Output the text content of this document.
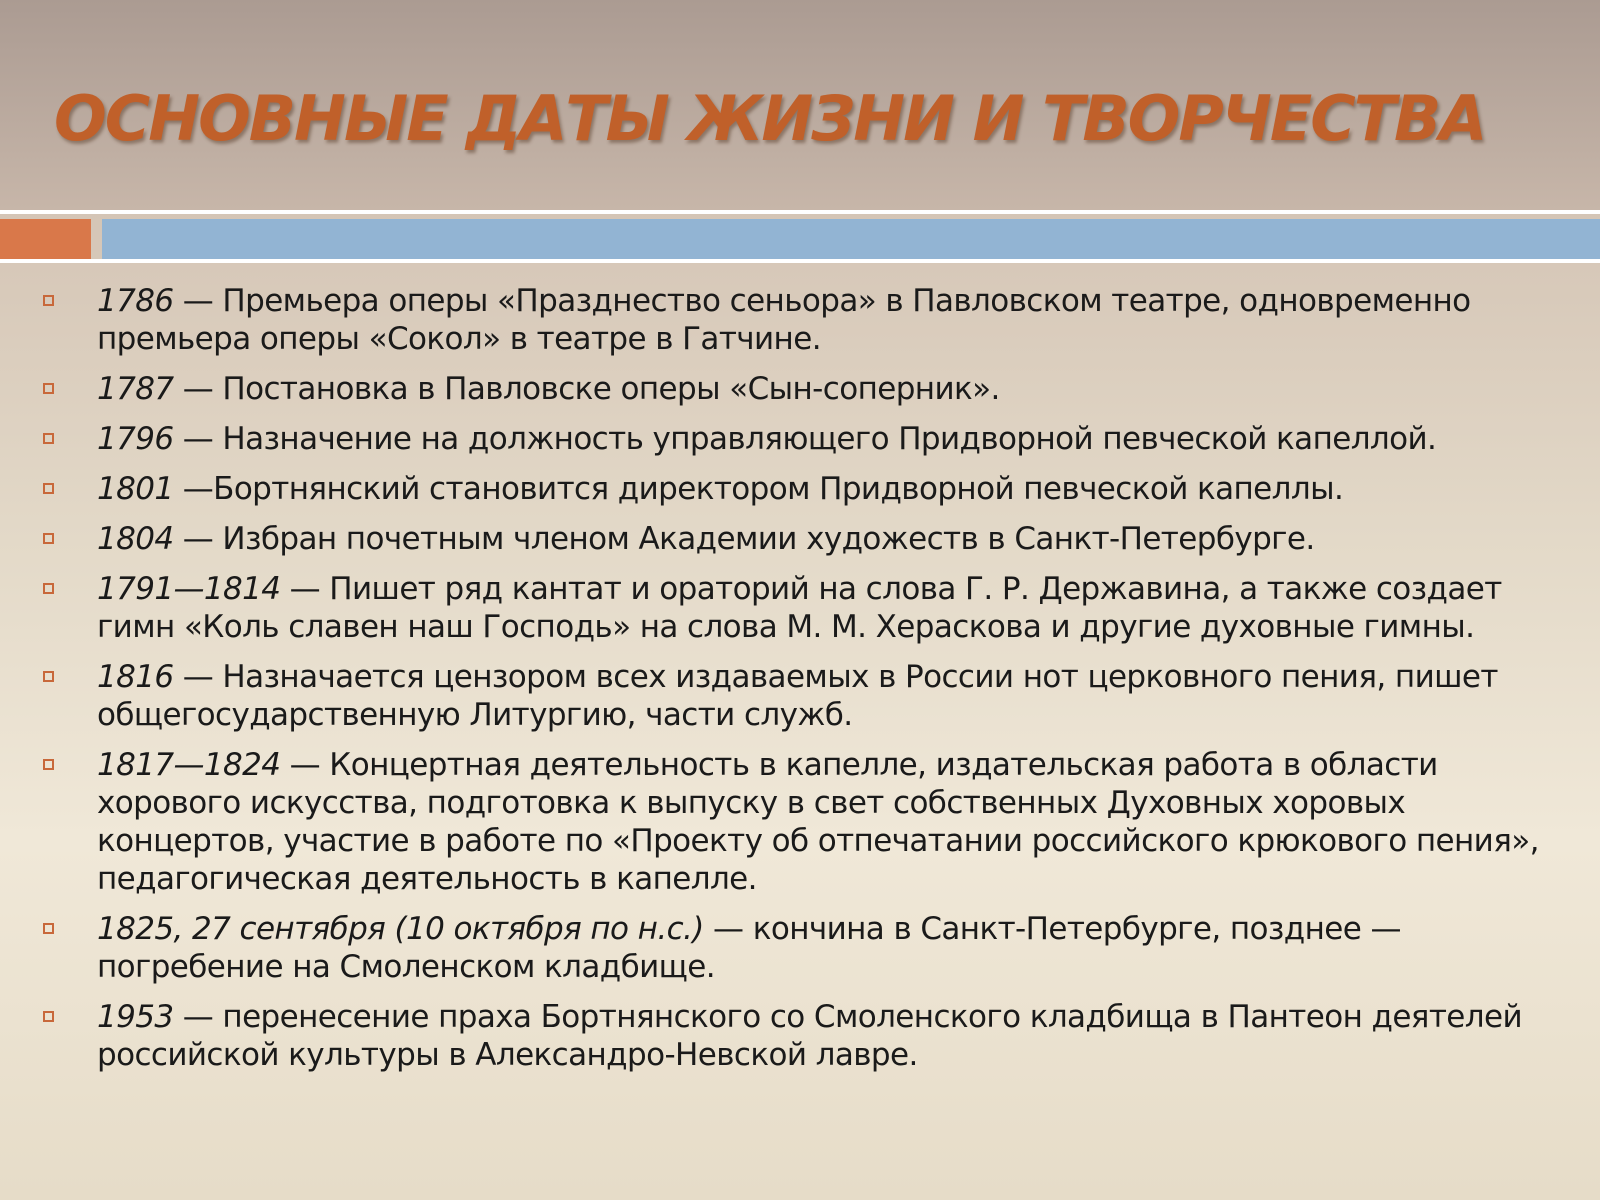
ОСНОВНЫЕ ДАТЫ ЖИЗНИ И ТВОРЧЕСТВА
1786 — Премьера оперы «Празднество сеньора» в Павловском театре, одновременно премьера оперы «Сокол» в театре в Гатчине.
1787 — Постановка в Павловске оперы «Сын-соперник».
1796 — Назначение на должность управляющего Придворной певческой капеллой.
1801 —Бортнянский становится директором Придворной певческой капеллы.
1804 — Избран почетным членом Академии художеств в Санкт-Петербурге.
1791—1814 — Пишет ряд кантат и ораторий на слова Г. Р. Державина, а также создает гимн «Коль славен наш Господь» на слова М. М. Хераскова и другие духовные гимны.
1816 — Назначается цензором всех издаваемых в России нот церковного пения, пишет общегосударственную Литургию, части служб.
1817—1824 — Концертная деятельность в капелле, издательская работа в области хорового искусства, подготовка к выпуску в свет собственных Духовных хоровых концертов, участие в работе по «Проекту об отпечатании российского крюкового пения», педагогическая деятельность в капелле.
1825, 27 сентября (10 октября по н.с.) — кончина в Санкт-Петербурге, позднее — погребение на Смоленском кладбище.
1953 — перенесение праха Бортнянского со Смоленского кладбища в Пантеон деятелей российской культуры в Александро-Невской лавре.
